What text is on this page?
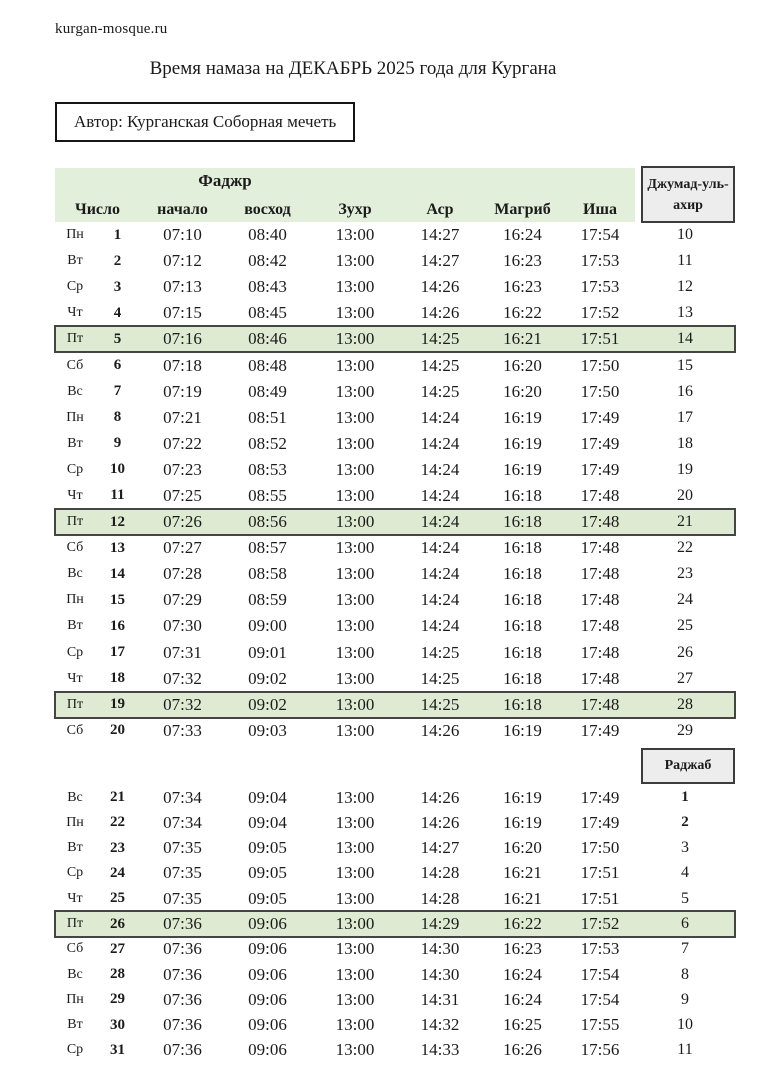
kurgan-mosque.ru
Время намаза на ДЕКАБРЬ 2025 года для Кургана
Автор: Курганская Соборная мечеть
Фаджр
Число	начало	восход	Зухр	Аср	Магриб	Иша
Джумад-уль-ахир
Пн	1	07:10	08:40	13:00	14:27	16:24	17:54	10
Вт	2	07:12	08:42	13:00	14:27	16:23	17:53	11
Ср	3	07:13	08:43	13:00	14:26	16:23	17:53	12
Чт	4	07:15	08:45	13:00	14:26	16:22	17:52	13
Пт	5	07:16	08:46	13:00	14:25	16:21	17:51	14
Сб	6	07:18	08:48	13:00	14:25	16:20	17:50	15
Вс	7	07:19	08:49	13:00	14:25	16:20	17:50	16
Пн	8	07:21	08:51	13:00	14:24	16:19	17:49	17
Вт	9	07:22	08:52	13:00	14:24	16:19	17:49	18
Ср	10	07:23	08:53	13:00	14:24	16:19	17:49	19
Чт	11	07:25	08:55	13:00	14:24	16:18	17:48	20
Пт	12	07:26	08:56	13:00	14:24	16:18	17:48	21
Сб	13	07:27	08:57	13:00	14:24	16:18	17:48	22
Вс	14	07:28	08:58	13:00	14:24	16:18	17:48	23
Пн	15	07:29	08:59	13:00	14:24	16:18	17:48	24
Вт	16	07:30	09:00	13:00	14:24	16:18	17:48	25
Ср	17	07:31	09:01	13:00	14:25	16:18	17:48	26
Чт	18	07:32	09:02	13:00	14:25	16:18	17:48	27
Пт	19	07:32	09:02	13:00	14:25	16:18	17:48	28
Сб	20	07:33	09:03	13:00	14:26	16:19	17:49	29
Раджаб
Вс	21	07:34	09:04	13:00	14:26	16:19	17:49	1
Пн	22	07:34	09:04	13:00	14:26	16:19	17:49	2
Вт	23	07:35	09:05	13:00	14:27	16:20	17:50	3
Ср	24	07:35	09:05	13:00	14:28	16:21	17:51	4
Чт	25	07:35	09:05	13:00	14:28	16:21	17:51	5
Пт	26	07:36	09:06	13:00	14:29	16:22	17:52	6
Сб	27	07:36	09:06	13:00	14:30	16:23	17:53	7
Вс	28	07:36	09:06	13:00	14:30	16:24	17:54	8
Пн	29	07:36	09:06	13:00	14:31	16:24	17:54	9
Вт	30	07:36	09:06	13:00	14:32	16:25	17:55	10
Ср	31	07:36	09:06	13:00	14:33	16:26	17:56	11
